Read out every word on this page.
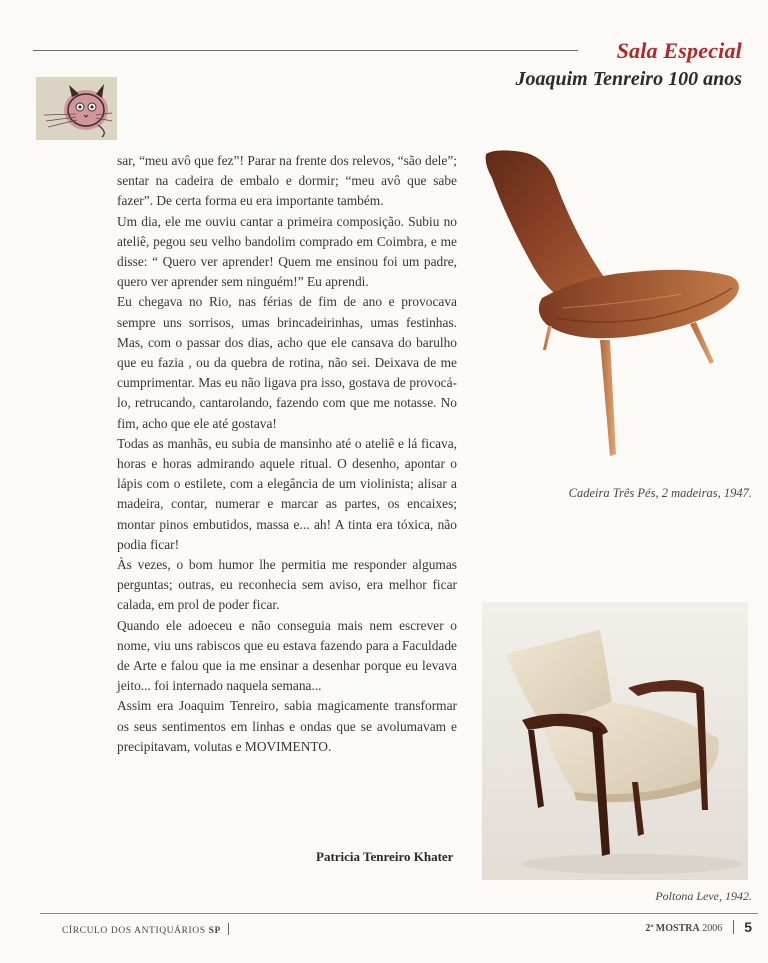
Sala Especial
Joaquim Tenreiro 100 anos

sar, “meu avô que fez”! Parar na frente dos relevos, “são dele”; sentar na cadeira de embalo e dormir; “meu avô que sabe fazer”. De certa forma eu era importante também.

Um dia, ele me ouviu cantar a primeira composição. Subiu no ateliê, pegou seu velho bandolim comprado em Coimbra, e me disse: “ Quero ver aprender! Quem me ensinou foi um padre, quero ver aprender sem ninguém!” Eu aprendi.

Eu chegava no Rio, nas férias de fim de ano e provocava sempre uns sorrisos, umas brincadeirinhas, umas festinhas. Mas, com o passar dos dias, acho que ele cansava do barulho que eu fazia , ou da quebra de rotina, não sei. Deixava de me cumprimentar. Mas eu não ligava pra isso, gostava de provocá-lo, retrucando, cantarolando, fazendo com que me notasse. No fim, acho que ele até gostava!

Todas as manhãs, eu subia de mansinho até o ateliê e lá ficava, horas e horas admirando aquele ritual. O desenho, apontar o lápis com o estilete, com a elegância de um violinista; alisar a madeira, contar, numerar e marcar as partes, os encaixes; montar pinos embutidos, massa e... ah! A tinta era tóxica, não podia ficar!

Às vezes, o bom humor lhe permitia me responder algumas perguntas; outras, eu reconhecia sem aviso, era melhor ficar calada, em prol de poder ficar.

Quando ele adoeceu e não conseguia mais nem escrever o nome, viu uns rabiscos que eu estava fazendo para a Faculdade de Arte e falou que ia me ensinar a desenhar porque eu levava jeito... foi internado naquela semana...

Assim era Joaquim Tenreiro, sabia magicamente transformar os seus sentimentos em linhas e ondas que se avolumavam e precipitavam, volutas e MOVIMENTO.

Patricia Tenreiro Khater
Cadeira Três Pés, 2 madeiras, 1947.
Poltona Leve, 1942.
CÍRCULO DOS ANTIQUÁRIOS SP	2ª MOSTRA 2006 5
